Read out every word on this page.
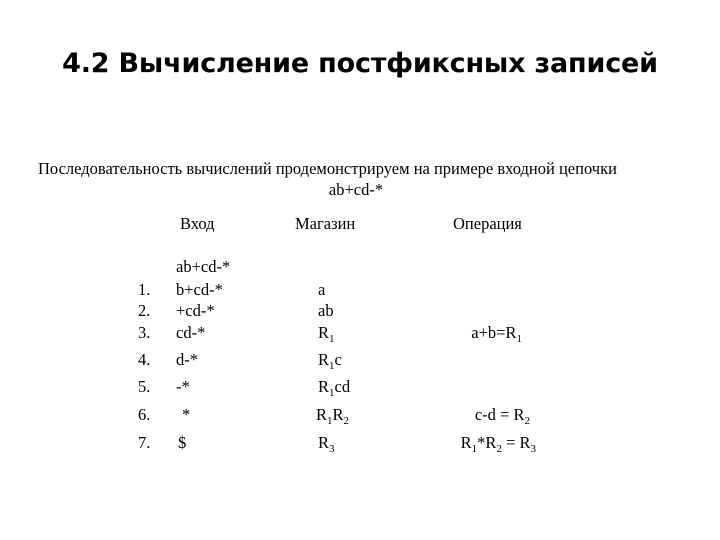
4.2 Вычисление постфиксных записей
Последовательность вычислений продемонстрируем на примере входной цепочки
ab+cd-*
Вход	Магазин	Операция
ab+cd-*
1. b+cd-*	a
2. +cd-*	ab
3. cd-*	$R_1$	$a+b=R_1$
4. d-*	$R_1c$
5. -*	$R_1cd$
6. *	$R_1R_2$	$c-d = R_2$
7. $	$R_3$	$R_1*R_2 = R_3$
